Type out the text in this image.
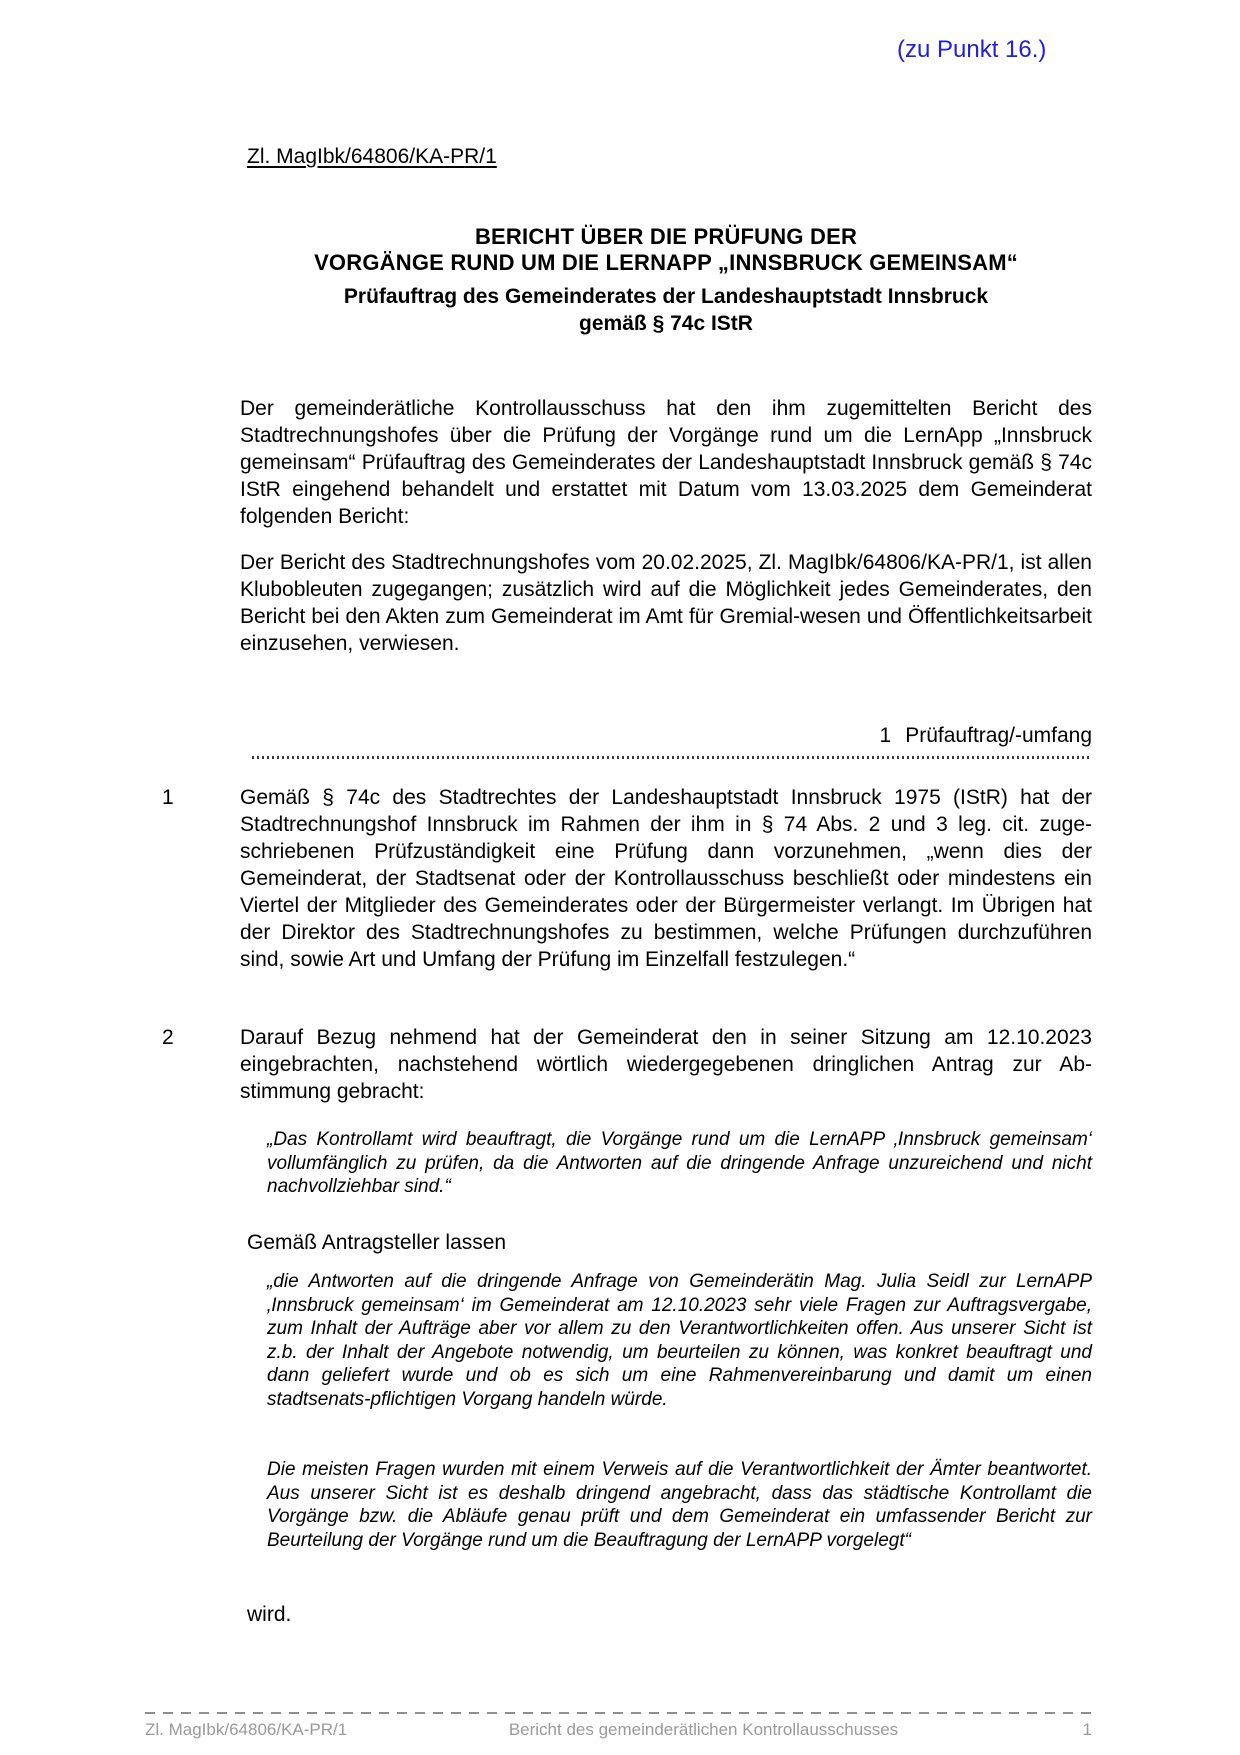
(zu Punkt 16.)
Zl. MagIbk/64806/KA-PR/1
BERICHT ÜBER DIE PRÜFUNG DER
VORGÄNGE RUND UM DIE LERNAPP „INNSBRUCK GEMEINSAM“
Prüfauftrag des Gemeinderates der Landeshauptstadt Innsbruck
gemäß § 74c IStR
Der gemeinderätliche Kontrollausschuss hat den ihm zugemittelten Bericht des Stadtrechnungshofes über die Prüfung der Vorgänge rund um die LernApp „Innsbruck gemeinsam“ Prüfauftrag des Gemeinderates der Landeshauptstadt Innsbruck gemäß § 74c IStR eingehend behandelt und erstattet mit Datum vom 13.03.2025 dem Gemeinderat folgenden Bericht:
Der Bericht des Stadtrechnungshofes vom 20.02.2025, Zl. MagIbk/64806/KA-PR/1, ist allen Klubobleuten zugegangen; zusätzlich wird auf die Möglichkeit jedes Gemeinderates, den Bericht bei den Akten zum Gemeinderat im Amt für Gremial-wesen und Öffentlichkeitsarbeit einzusehen, verwiesen.
1 Prüfauftrag/-umfang
1	Gemäß § 74c des Stadtrechtes der Landeshauptstadt Innsbruck 1975 (IStR) hat der Stadtrechnungshof Innsbruck im Rahmen der ihm in § 74 Abs. 2 und 3 leg. cit. zuge-schriebenen Prüfzuständigkeit eine Prüfung dann vorzunehmen, „wenn dies der Gemeinderat, der Stadtsenat oder der Kontrollausschuss beschließt oder mindestens ein Viertel der Mitglieder des Gemeinderates oder der Bürgermeister verlangt. Im Übrigen hat der Direktor des Stadtrechnungshofes zu bestimmen, welche Prüfungen durchzuführen sind, sowie Art und Umfang der Prüfung im Einzelfall festzulegen.“
2	Darauf Bezug nehmend hat der Gemeinderat den in seiner Sitzung am 12.10.2023 eingebrachten, nachstehend wörtlich wiedergegebenen dringlichen Antrag zur Ab-stimmung gebracht:
„Das Kontrollamt wird beauftragt, die Vorgänge rund um die LernAPP ‚Innsbruck gemeinsam‘ vollumfänglich zu prüfen, da die Antworten auf die dringende Anfrage unzureichend und nicht nachvollziehbar sind.“
Gemäß Antragsteller lassen
„die Antworten auf die dringende Anfrage von Gemeinderätin Mag. Julia Seidl zur LernAPP ‚Innsbruck gemeinsam‘ im Gemeinderat am 12.10.2023 sehr viele Fragen zur Auftragsvergabe, zum Inhalt der Aufträge aber vor allem zu den Verantwortlichkeiten offen. Aus unserer Sicht ist z.b. der Inhalt der Angebote notwendig, um beurteilen zu können, was konkret beauftragt und dann geliefert wurde und ob es sich um eine Rahmenvereinbarung und damit um einen stadtsenats-pflichtigen Vorgang handeln würde.
Die meisten Fragen wurden mit einem Verweis auf die Verantwortlichkeit der Ämter beantwortet. Aus unserer Sicht ist es deshalb dringend angebracht, dass das städtische Kontrollamt die Vorgänge bzw. die Abläufe genau prüft und dem Gemeinderat ein umfassender Bericht zur Beurteilung der Vorgänge rund um die Beauftragung der LernAPP vorgelegt“
wird.
Zl. MagIbk/64806/KA-PR/1	Bericht des gemeinderätlichen Kontrollausschusses	1
